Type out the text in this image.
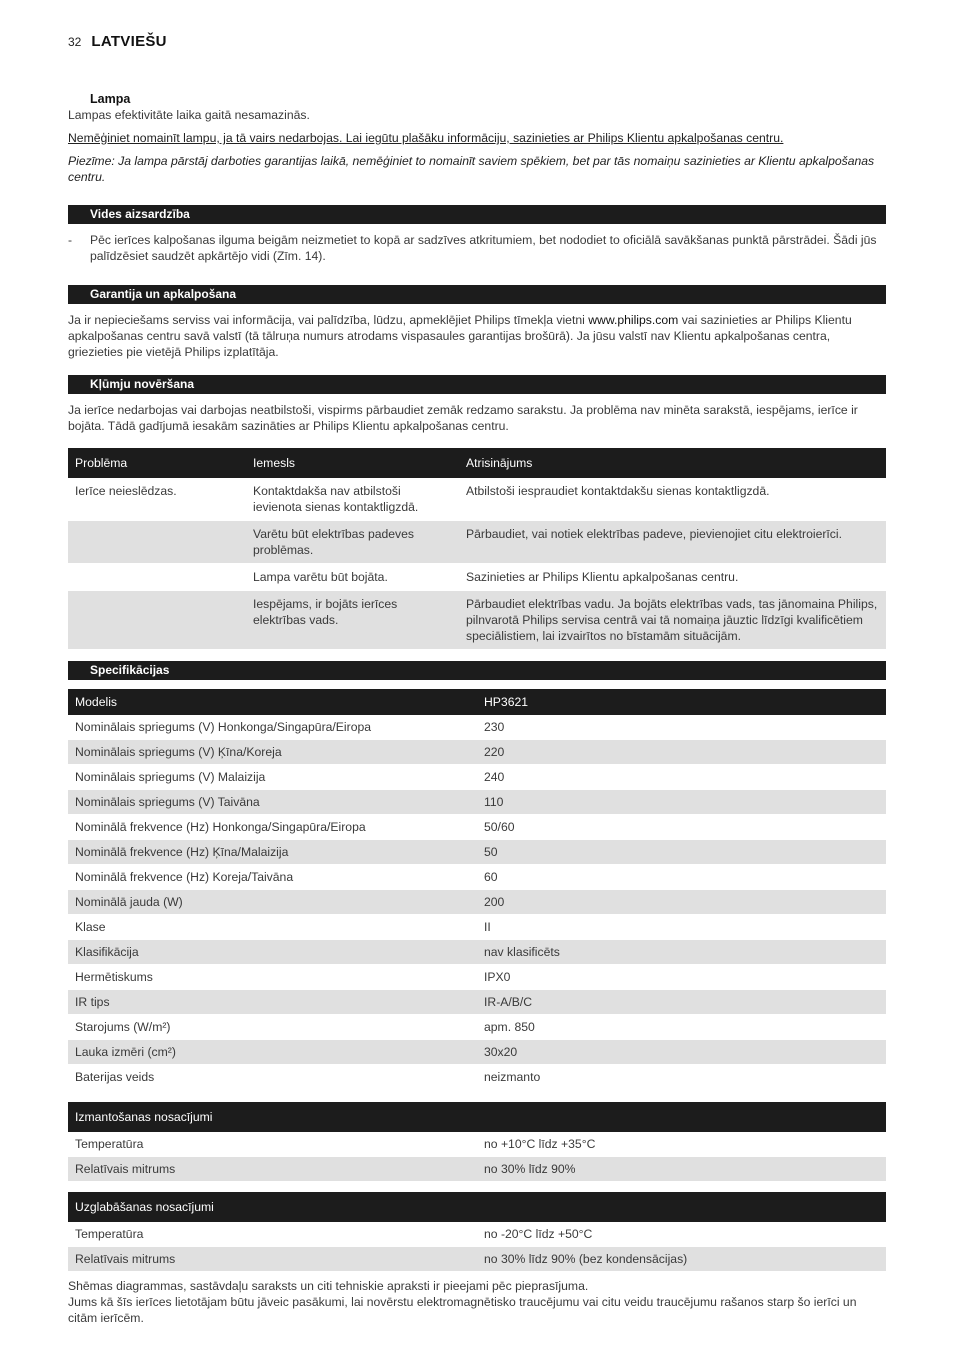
32 LATVIEŠU
Lampa

Lampas efektivitāte laika gaitā nesamazinās.

Nemēģiniet nomainīt lampu, ja tā vairs nedarbojas. Lai iegūtu plašāku informāciju, sazinieties ar Philips Klientu apkalpošanas centru.

Piezīme: Ja lampa pārstāj darboties garantijas laikā, nemēģiniet to nomainīt saviem spēkiem, bet par tās nomaiņu sazinieties ar Klientu apkalpošanas centru.

Vides aizsardzība
-	Pēc ierīces kalpošanas ilguma beigām neizmetiet to kopā ar sadzīves atkritumiem, bet nododiet to oficiālā savākšanas punktā pārstrādei. Šādi jūs palīdzēsiet saudzēt apkārtējo vidi (Zīm. 14).
Garantija un apkalpošana

Ja ir nepieciešams serviss vai informācija, vai palīdzība, lūdzu, apmeklējiet Philips tīmekļa vietni www.philips.com vai sazinieties ar Philips Klientu apkalpošanas centru savā valstī (tā tālruņa numurs atrodams vispasaules garantijas brošūrā). Ja jūsu valstī nav Klientu apkalpošanas centra, griezieties pie vietējā Philips izplatītāja.

Kļūmju novēršana

Ja ierīce nedarbojas vai darbojas neatbilstoši, vispirms pārbaudiet zemāk redzamo sarakstu. Ja problēma nav minēta sarakstā, iespējams, ierīce ir bojāta. Tādā gadījumā iesakām sazināties ar Philips Klientu apkalpošanas centru.

Problēma	Iemesls	Atrisinājums
Ierīce neieslēdzas.	Kontaktdakša nav atbilstoši ievienota sienas kontaktligzdā.	Atbilstoši iespraudiet kontaktdakšu sienas kontaktligzdā.
	Varētu būt elektrības padeves problēmas.	Pārbaudiet, vai notiek elektrības padeve, pievienojiet citu elektroierīci.
	Lampa varētu būt bojāta.	Sazinieties ar Philips Klientu apkalpošanas centru.
	Iespējams, ir bojāts ierīces elektrības vads.	Pārbaudiet elektrības vadu. Ja bojāts elektrības vads, tas jānomaina Philips, pilnvarotā Philips servisa centrā vai tā nomaiņa jāuztic līdzīgi kvalificētiem speciālistiem, lai izvairītos no bīstamām situācijām.
Specifikācijas
Modelis	HP3621
Nominālais spriegums (V) Honkonga/Singapūra/Eiropa	230
Nominālais spriegums (V) Ķīna/Koreja	220
Nominālais spriegums (V) Malaizija	240
Nominālais spriegums (V) Taivāna	110
Nominālā frekvence (Hz) Honkonga/Singapūra/Eiropa	50/60
Nominālā frekvence (Hz) Ķīna/Malaizija	50
Nominālā frekvence (Hz) Koreja/Taivāna	60
Nominālā jauda (W)	200
Klase	II
Klasifikācija	nav klasificēts
Hermētiskums	IPX0
IR tips	IR-A/B/C
Starojums (W/m²)	apm. 850
Lauka izmēri (cm²)	30x20
Baterijas veids	neizmanto
Izmantošanas nosacījumi	
Temperatūra	no +10°C līdz +35°C
Relatīvais mitrums	no 30% līdz 90%
Uzglabāšanas nosacījumi	
Temperatūra	no -20°C līdz +50°C
Relatīvais mitrums	no 30% līdz 90% (bez kondensācijas)

Shēmas diagrammas, sastāvdaļu saraksts un citi tehniskie apraksti ir pieejami pēc pieprasījuma.

Jums kā šīs ierīces lietotājam būtu jāveic pasākumi, lai novērstu elektromagnētisko traucējumu vai citu veidu traucējumu rašanos starp šo ierīci un citām ierīcēm.
